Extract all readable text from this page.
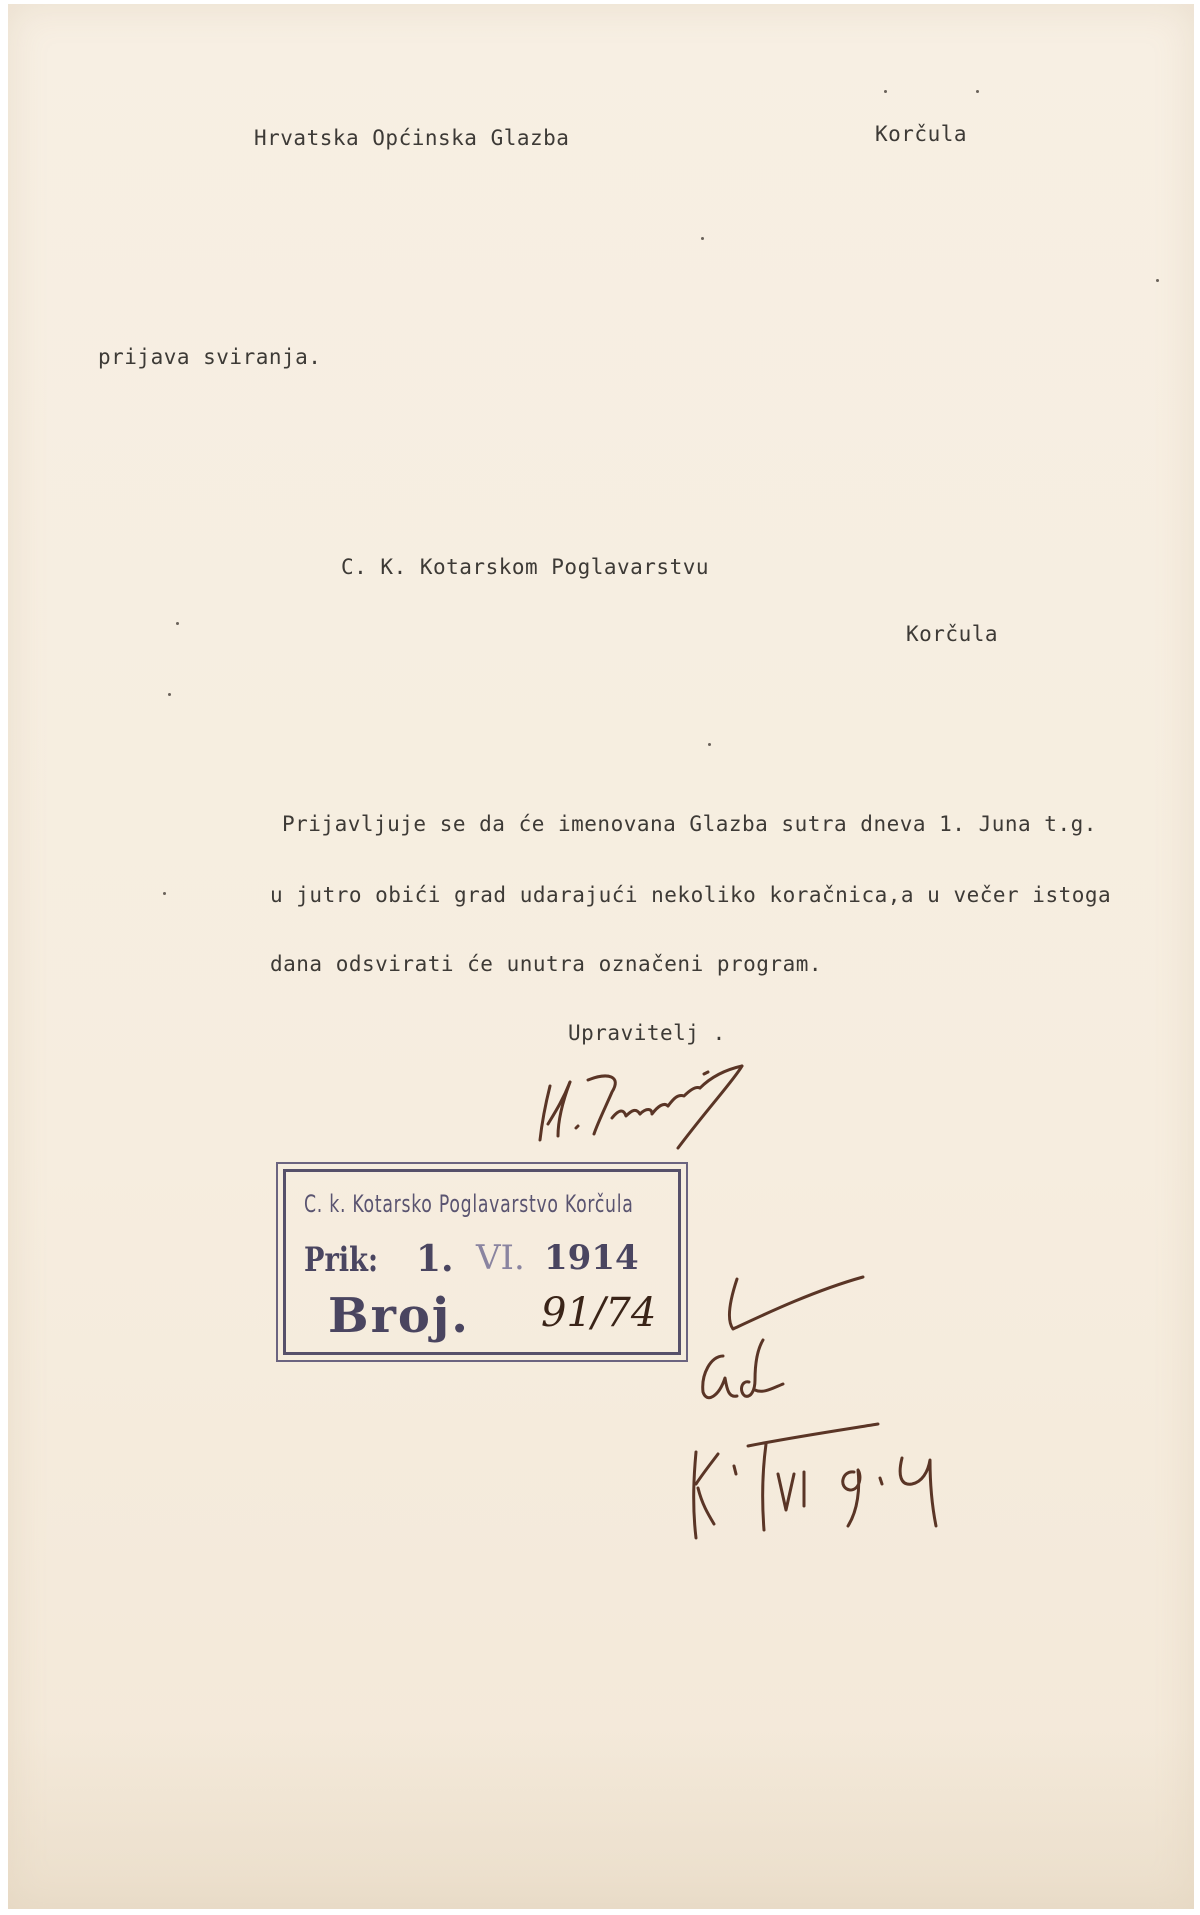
Hrvatska Općinska Glazba	Korčula
prijava sviranja.
C. K. Kotarskom Poglavarstvu
Korčula
Prijavljuje se da će imenovana Glazba sutra dneva 1. Juna t.g.
u jutro obići grad udarajući nekoliko koračnica,a u večer istoga
dana odsvirati će unutra označeni program.
Upravitelj .
C. k. Kotarsko Poglavarstvo Korčula
Prik: 1. VI. 1914
Broj. 91/74
